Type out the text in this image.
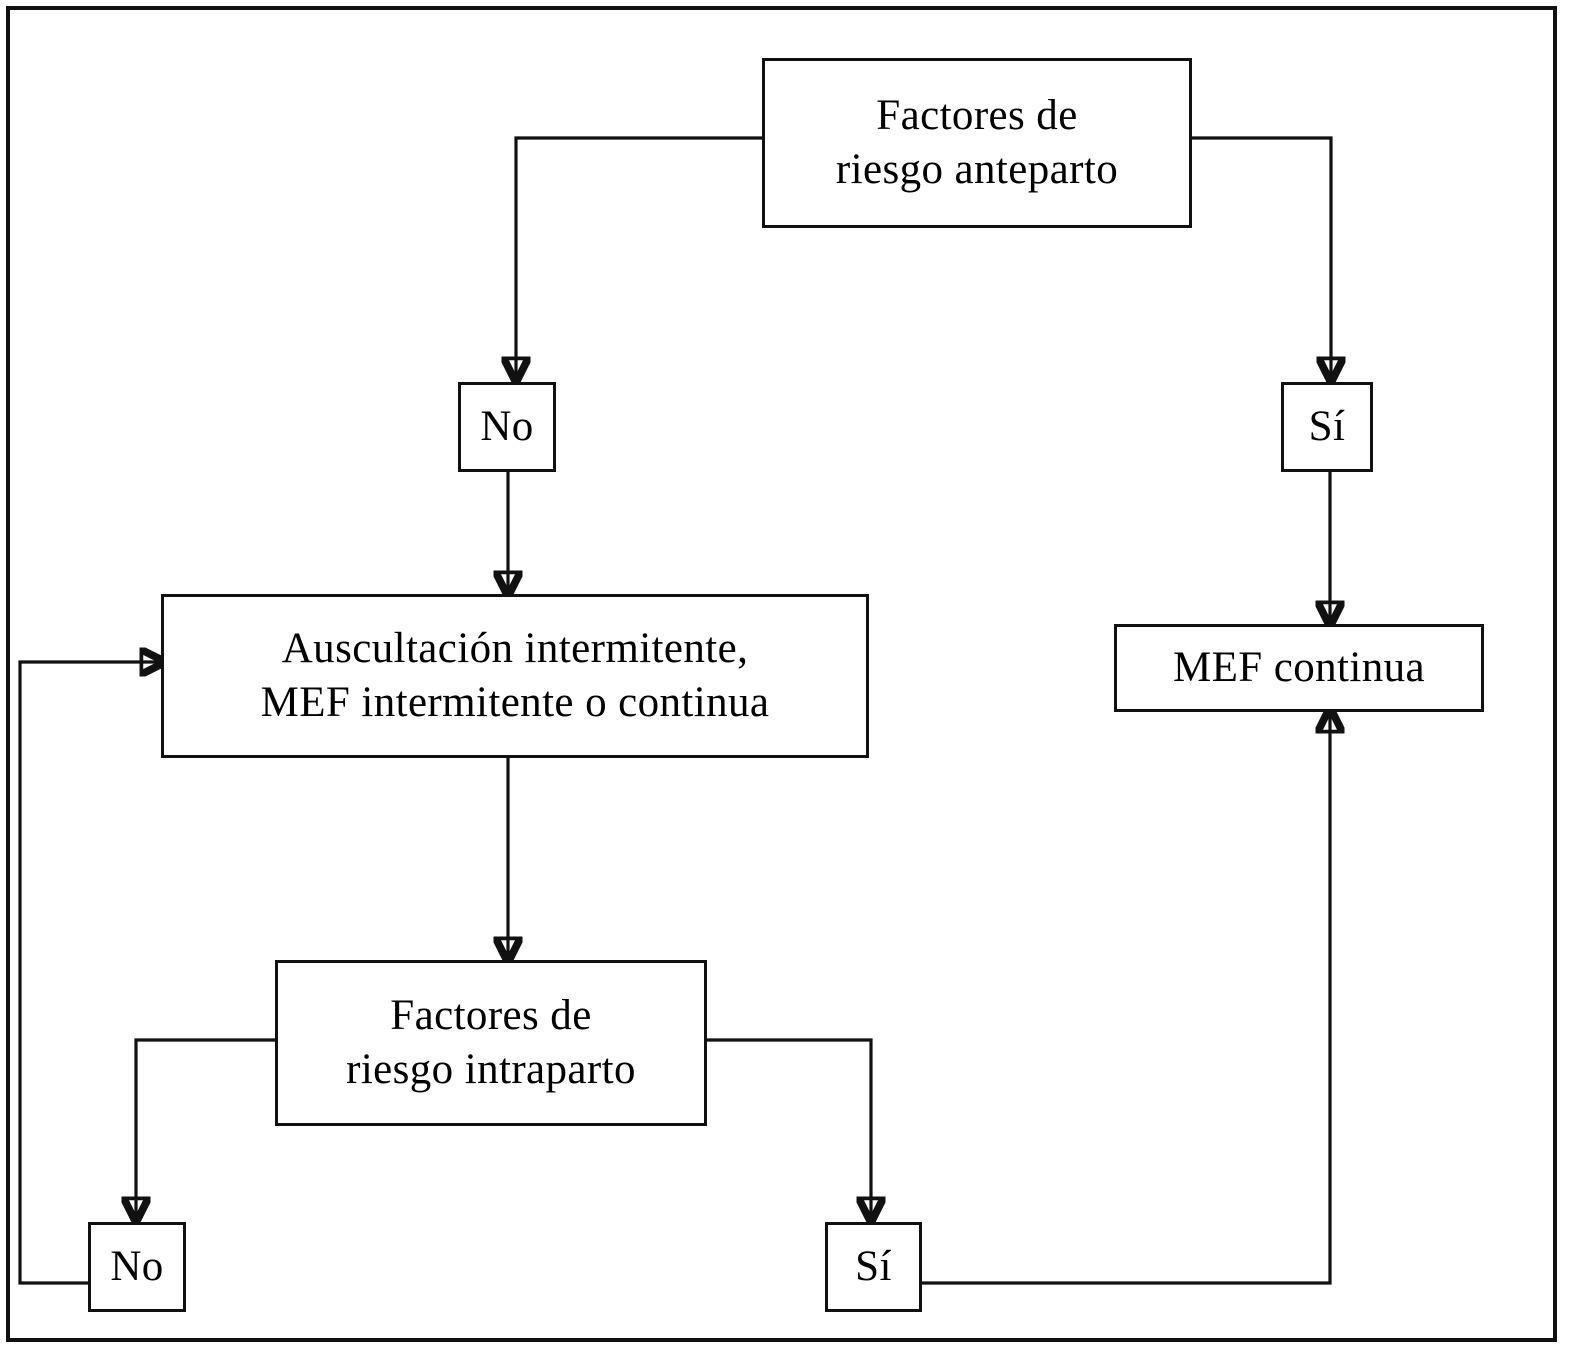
Factores de
riesgo anteparto
No	Sí
Auscultación intermitente,
MEF intermitente o continua
MEF continua
Factores de
riesgo intraparto
No	Sí
